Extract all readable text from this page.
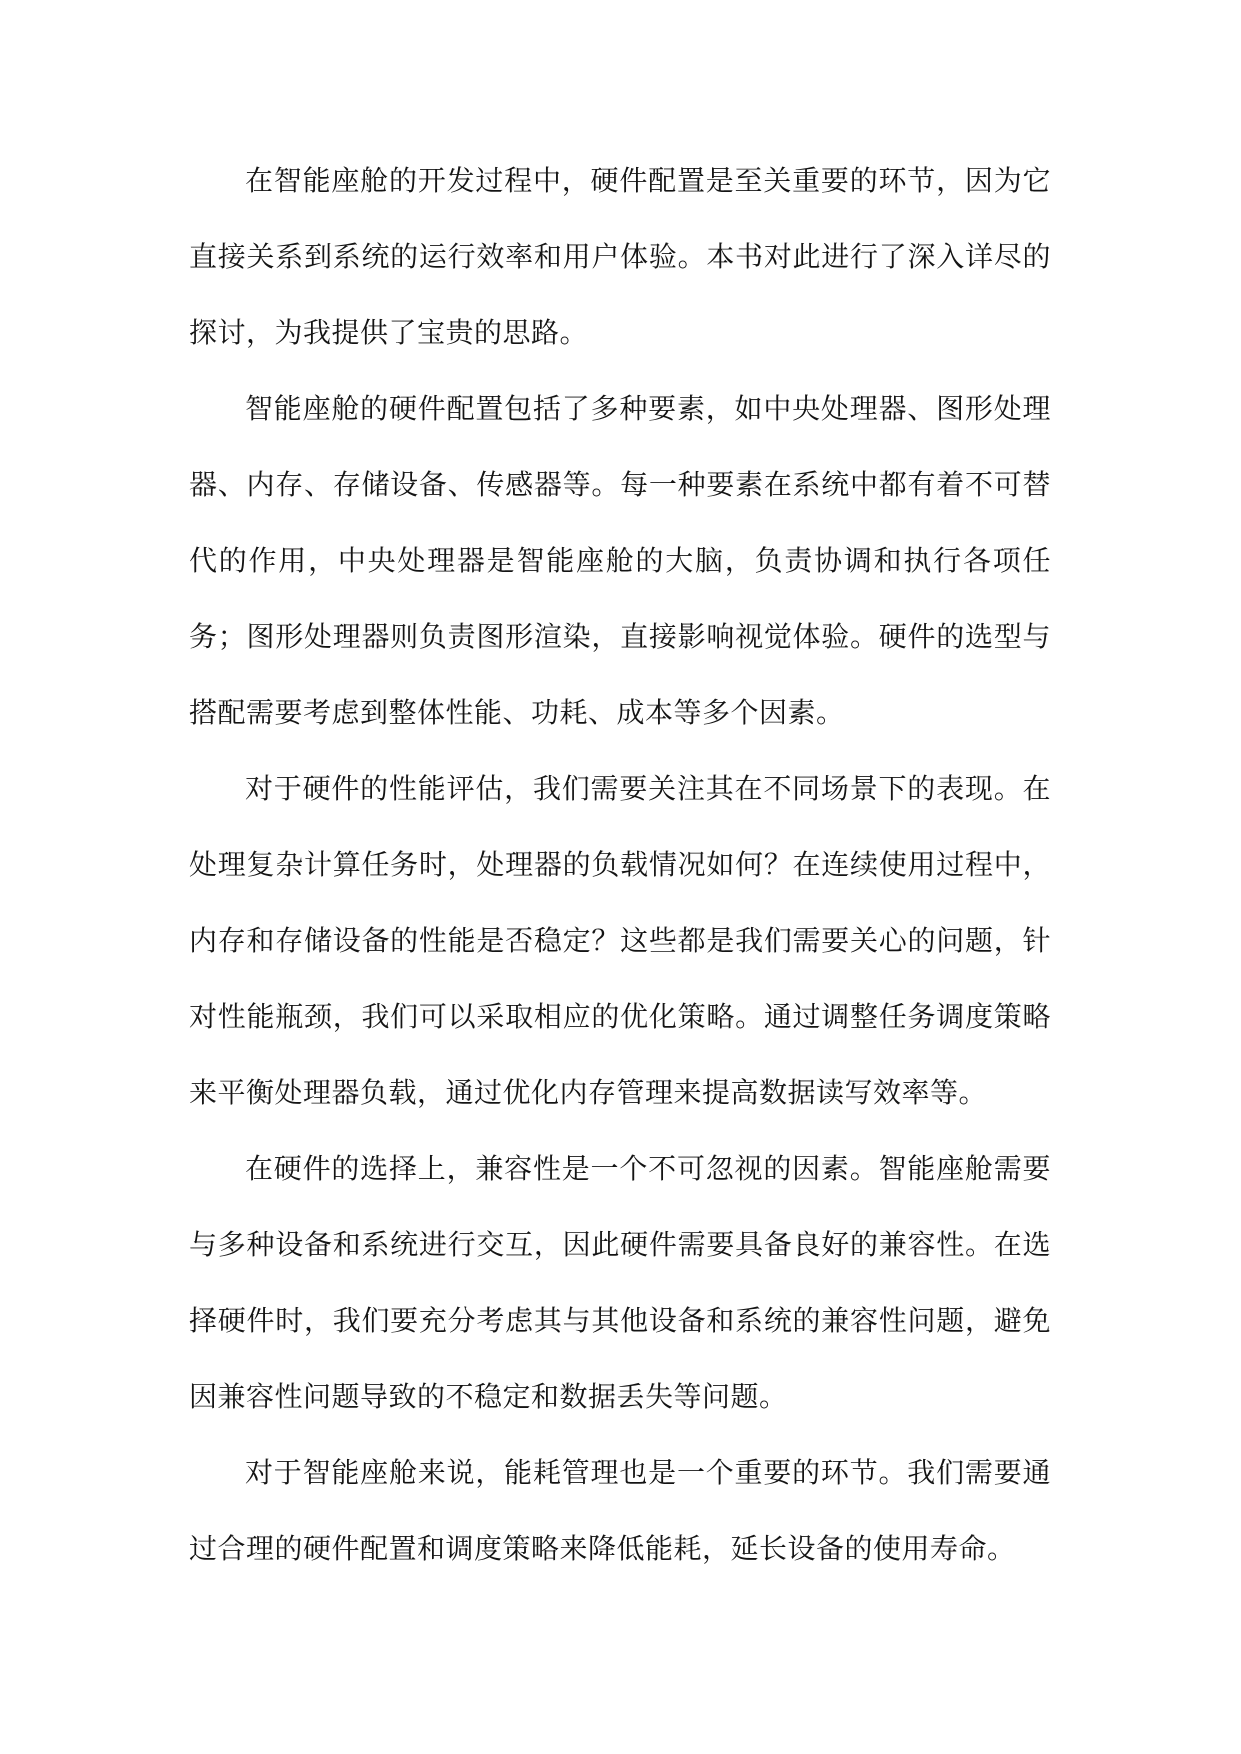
在智能座舱的开发过程中，硬件配置是至关重要的环节，因为它直接关系到系统的运行效率和用户体验。本书对此进行了深入详尽的探讨，为我提供了宝贵的思路。

智能座舱的硬件配置包括了多种要素，如中央处理器、图形处理器、内存、存储设备、传感器等。每一种要素在系统中都有着不可替代的作用，中央处理器是智能座舱的大脑，负责协调和执行各项任务；图形处理器则负责图形渲染，直接影响视觉体验。硬件的选型与搭配需要考虑到整体性能、功耗、成本等多个因素。

对于硬件的性能评估，我们需要关注其在不同场景下的表现。在处理复杂计算任务时，处理器的负载情况如何？在连续使用过程中，内存和存储设备的性能是否稳定？这些都是我们需要关心的问题，针对性能瓶颈，我们可以采取相应的优化策略。通过调整任务调度策略来平衡处理器负载，通过优化内存管理来提高数据读写效率等。

在硬件的选择上，兼容性是一个不可忽视的因素。智能座舱需要与多种设备和系统进行交互，因此硬件需要具备良好的兼容性。在选择硬件时，我们要充分考虑其与其他设备和系统的兼容性问题，避免因兼容性问题导致的不稳定和数据丢失等问题。

对于智能座舱来说，能耗管理也是一个重要的环节。我们需要通过合理的硬件配置和调度策略来降低能耗，延长设备的使用寿命。
